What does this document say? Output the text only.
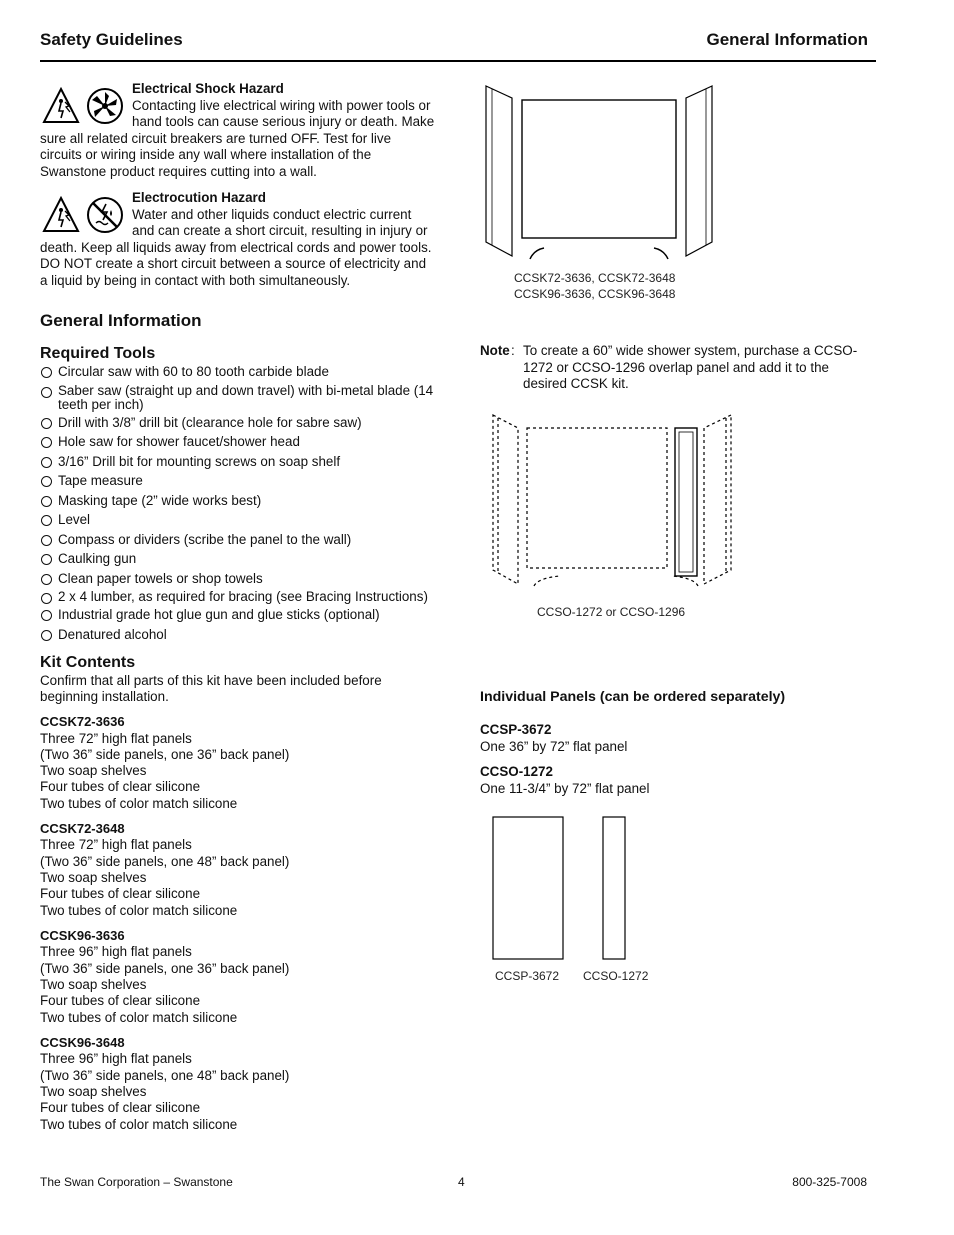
Safety Guidelines	General Information
Electrical Shock Hazard
Contacting live electrical wiring with power tools or hand tools can cause serious injury or death. Make sure all related circuit breakers are turned OFF. Test for live circuits or wiring inside any wall where installation of the Swanstone product requires cutting into a wall.
Electrocution Hazard
Water and other liquids conduct electric current and can create a short circuit, resulting in injury or death. Keep all liquids away from electrical cords and power tools. DO NOT create a short circuit between a source of electricity and a liquid by being in contact with both simultaneously.
General Information
Required Tools
Circular saw with 60 to 80 tooth carbide blade
Saber saw (straight up and down travel) with bi-metal blade (14 teeth per inch)
Drill with 3/8” drill bit (clearance hole for sabre saw)
Hole saw for shower faucet/shower head
3/16” Drill bit for mounting screws on soap shelf
Tape measure
Masking tape (2” wide works best)
Level
Compass or dividers (scribe the panel to the wall)
Caulking gun
Clean paper towels or shop towels
2 x 4 lumber, as required for bracing (see Bracing Instructions)
Industrial grade hot glue gun and glue sticks (optional)
Denatured alcohol
Kit Contents
Confirm that all parts of this kit have been included before beginning installation.
CCSK72-3636
Three 72” high flat panels
(Two 36” side panels, one 36” back panel)
Two soap shelves
Four tubes of clear silicone
Two tubes of color match silicone
CCSK72-3648
Three 72” high flat panels
(Two 36” side panels, one 48” back panel)
Two soap shelves
Four tubes of clear silicone
Two tubes of color match silicone
CCSK96-3636
Three 96” high flat panels
(Two 36” side panels, one 36” back panel)
Two soap shelves
Four tubes of clear silicone
Two tubes of color match silicone
CCSK96-3648
Three 96” high flat panels
(Two 36” side panels, one 48” back panel)
Two soap shelves
Four tubes of clear silicone
Two tubes of color match silicone
CCSK72-3636, CCSK72-3648
CCSK96-3636, CCSK96-3648
Note : To create a 60” wide shower system, purchase a CCSO-1272 or CCSO-1296 overlap panel and add it to the desired CCSK kit.
CCSO-1272 or CCSO-1296
Individual Panels (can be ordered separately)
CCSP-3672
One 36” by 72” flat panel
CCSO-1272
One 11-3/4” by 72” flat panel
CCSP-3672 CCSO-1272
The Swan Corporation – Swanstone	4	800-325-7008
